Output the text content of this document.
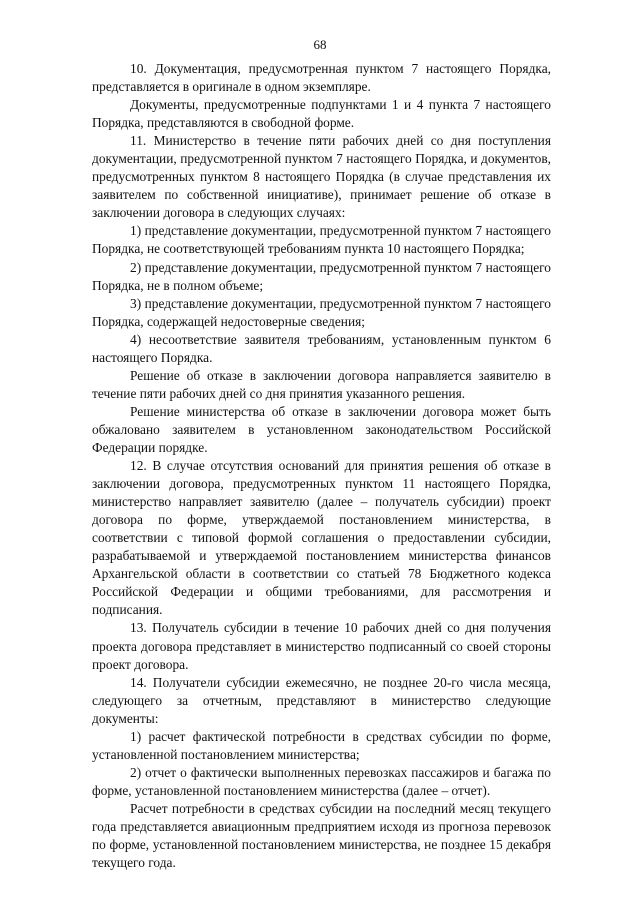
68

10. Документация, предусмотренная пунктом 7 настоящего Порядка, представляется в оригинале в одном экземпляре.

Документы, предусмотренные подпунктами 1 и 4 пункта 7 настоящего Порядка, представляются в свободной форме.

11. Министерство в течение пяти рабочих дней со дня поступления документации, предусмотренной пунктом 7 настоящего Порядка, и документов, предусмотренных пунктом 8 настоящего Порядка (в случае представления их заявителем по собственной инициативе), принимает решение об отказе в заключении договора в следующих случаях:

1) представление документации, предусмотренной пунктом 7 настоящего Порядка, не соответствующей требованиям пункта 10 настоящего Порядка;

2) представление документации, предусмотренной пунктом 7 настоящего Порядка, не в полном объеме;

3) представление документации, предусмотренной пунктом 7 настоящего Порядка, содержащей недостоверные сведения;

4) несоответствие заявителя требованиям, установленным пунктом 6 настоящего Порядка.

Решение об отказе в заключении договора направляется заявителю в течение пяти рабочих дней со дня принятия указанного решения.

Решение министерства об отказе в заключении договора может быть обжаловано заявителем в установленном законодательством Российской Федерации порядке.

12. В случае отсутствия оснований для принятия решения об отказе в заключении договора, предусмотренных пунктом 11 настоящего Порядка, министерство направляет заявителю (далее – получатель субсидии) проект договора по форме, утверждаемой постановлением министерства, в соответствии с типовой формой соглашения о предоставлении субсидии, разрабатываемой и утверждаемой постановлением министерства финансов Архангельской области в соответствии со статьей 78 Бюджетного кодекса Российской Федерации и общими требованиями, для рассмотрения и подписания.

13. Получатель субсидии в течение 10 рабочих дней со дня получения проекта договора представляет в министерство подписанный со своей стороны проект договора.

14. Получатели субсидии ежемесячно, не позднее 20-го числа месяца, следующего за отчетным, представляют в министерство следующие документы:

1) расчет фактической потребности в средствах субсидии по форме, установленной постановлением министерства;

2) отчет о фактически выполненных перевозках пассажиров и багажа по форме, установленной постановлением министерства (далее – отчет).

Расчет потребности в средствах субсидии на последний месяц текущего года представляется авиационным предприятием исходя из прогноза перевозок по форме, установленной постановлением министерства, не позднее 15 декабря текущего года.
